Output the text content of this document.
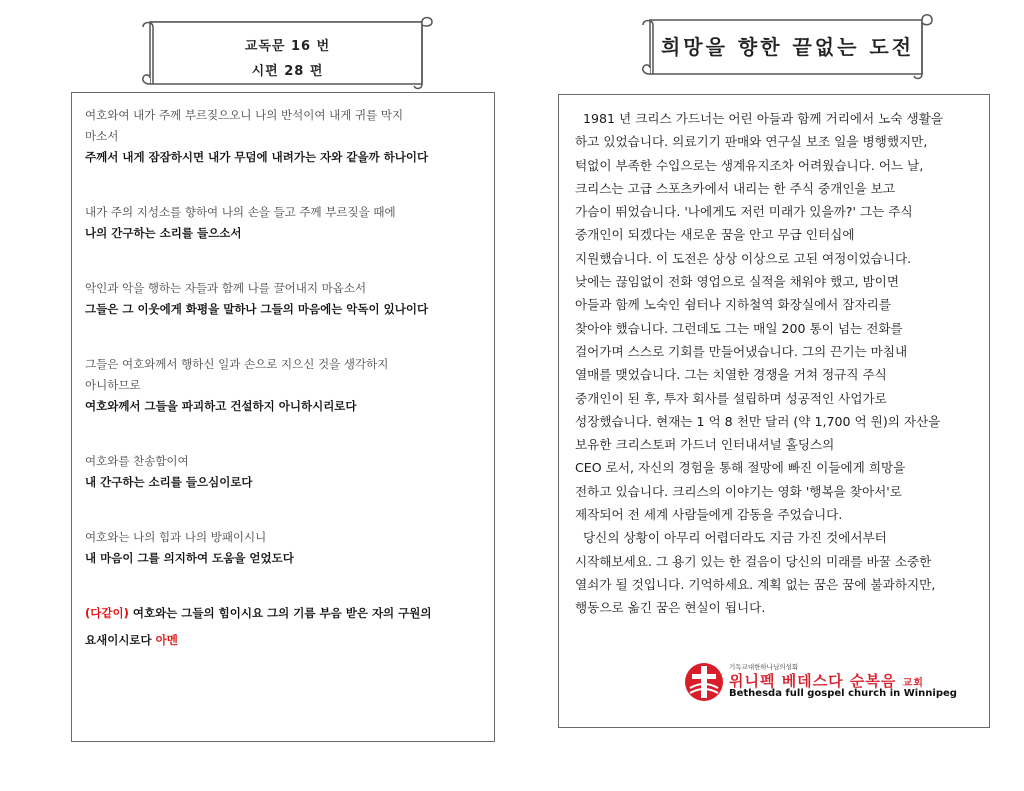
교독문 16 번
시편 28 편
희망을 향한 끝없는 도전

여호와여 내가 주께 부르짖으오니 나의 반석이여 내게 귀를 막지

마소서

주께서 내게 잠잠하시면 내가 무덤에 내려가는 자와 같을까 하나이다

내가 주의 지성소를 향하여 나의 손을 들고 주께 부르짖을 때에

나의 간구하는 소리를 들으소서

악인과 악을 행하는 자들과 함께 나를 끌어내지 마옵소서

그들은 그 이웃에게 화평을 말하나 그들의 마음에는 악독이 있나이다

그들은 여호와께서 행하신 일과 손으로 지으신 것을 생각하지

아니하므로

여호와께서 그들을 파괴하고 건설하지 아니하시리로다

여호와를 찬송함이여

내 간구하는 소리를 들으심이로다

여호와는 나의 힘과 나의 방패이시니

내 마음이 그를 의지하여 도움을 얻었도다

(다같이) 여호와는 그들의 힘이시요 그의 기름 부음 받은 자의 구원의

요새이시로다 아멘

1981 년 크리스 가드너는 어린 아들과 함께 거리에서 노숙 생활을

하고 있었습니다. 의료기기 판매와 연구실 보조 일을 병행했지만,

턱없이 부족한 수입으로는 생계유지조차 어려웠습니다. 어느 날,

크리스는 고급 스포츠카에서 내리는 한 주식 중개인을 보고

가슴이 뛰었습니다. '나에게도 저런 미래가 있을까?' 그는 주식

중개인이 되겠다는 새로운 꿈을 안고 무급 인터십에

지원했습니다. 이 도전은 상상 이상으로 고된 여정이었습니다.

낮에는 끊임없이 전화 영업으로 실적을 채워야 했고, 밤이면

아들과 함께 노숙인 쉼터나 지하철역 화장실에서 잠자리를

찾아야 했습니다. 그런데도 그는 매일 200 통이 넘는 전화를

걸어가며 스스로 기회를 만들어냈습니다. 그의 끈기는 마침내

열매를 맺었습니다. 그는 치열한 경쟁을 거쳐 정규직 주식

중개인이 된 후, 투자 회사를 설립하며 성공적인 사업가로

성장했습니다. 현재는 1 억 8 천만 달러 (약 1,700 억 원)의 자산을

보유한 크리스토퍼 가드너 인터내셔널 홀딩스의

CEO 로서, 자신의 경험을 통해 절망에 빠진 이들에게 희망을

전하고 있습니다. 크리스의 이야기는 영화 '행복을 찾아서'로

제작되어 전 세계 사람들에게 감동을 주었습니다.

당신의 상황이 아무리 어렵더라도 지금 가진 것에서부터

시작해보세요. 그 용기 있는 한 걸음이 당신의 미래를 바꿀 소중한

열쇠가 될 것입니다. 기억하세요. 계획 없는 꿈은 꿈에 불과하지만,

행동으로 옮긴 꿈은 현실이 됩니다.

기독교대한하나님의성회
위니펙 베데스다 순복음 교회
Bethesda full gospel church in Winnipeg
